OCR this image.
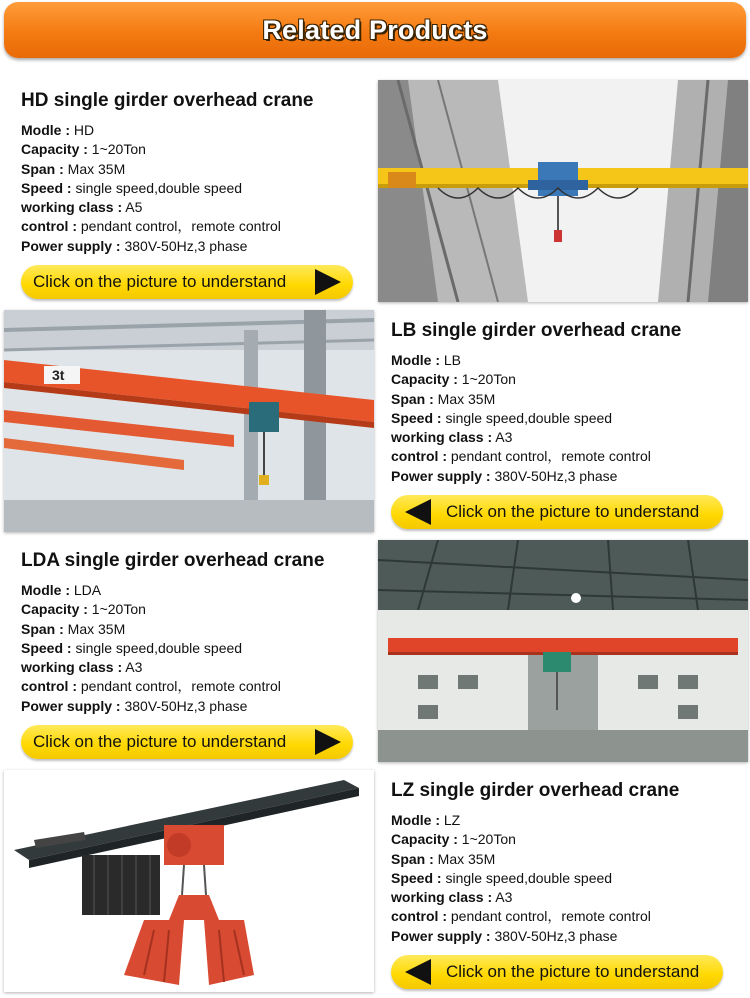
Related Products
HD single girder overhead crane
Modle : HD
Capacity : 1~20Ton
Span : Max 35M
Speed : single speed,double speed
working class : A5
control : pendant control，remote control
Power supply : 380V-50Hz,3 phase
Click on the picture to understand
3t
LB single girder overhead crane
Modle : LB
Capacity : 1~20Ton
Span : Max 35M
Speed : single speed,double speed
working class : A3
control : pendant control，remote control
Power supply : 380V-50Hz,3 phase
Click on the picture to understand
LDA single girder overhead crane
Modle : LDA
Capacity : 1~20Ton
Span : Max 35M
Speed : single speed,double speed
working class : A3
control : pendant control，remote control
Power supply : 380V-50Hz,3 phase
Click on the picture to understand
LZ single girder overhead crane
Modle : LZ
Capacity : 1~20Ton
Span : Max 35M
Speed : single speed,double speed
working class : A3
control : pendant control，remote control
Power supply : 380V-50Hz,3 phase
Click on the picture to understand
